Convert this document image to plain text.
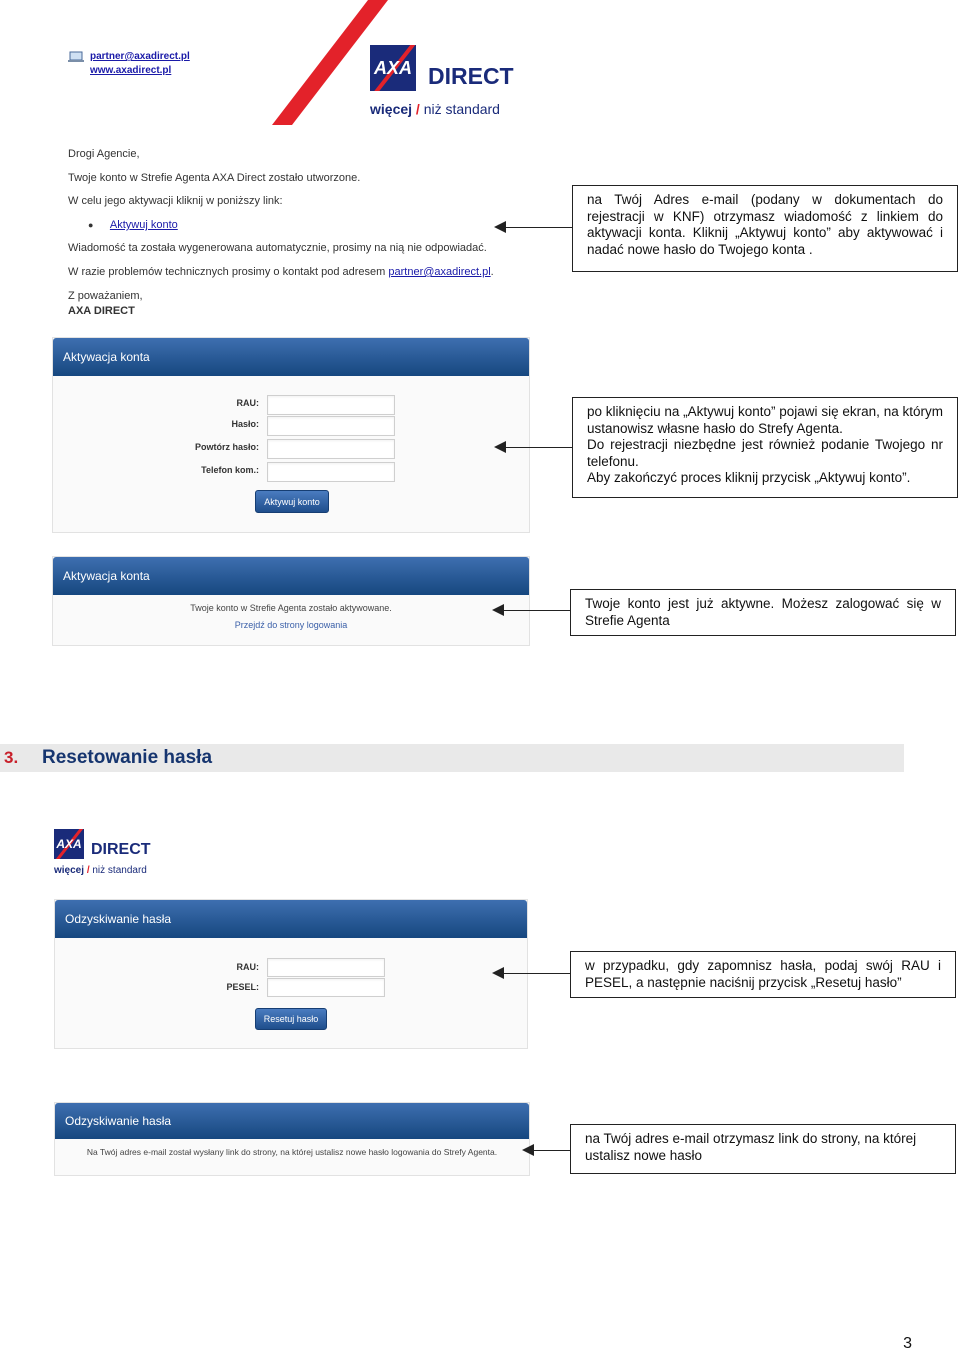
partner@axadirect.pl
www.axadirect.pl	AXA DIRECT
więcej / niż standard

Drogi Agencie,

Twoje konto w Strefie Agenta AXA Direct zostało utworzone.

W celu jego aktywacji kliknij w poniższy link:

● Aktywuj konto

Wiadomość ta została wygenerowana automatycznie, prosimy na nią nie odpowiadać.

W razie problemów technicznych prosimy o kontakt pod adresem partner@axadirect.pl.

Z poważaniem,

AXA DIRECT

Aktywacja konta
RAU:
Hasło:
Powtórz hasło:
Telefon kom.:
Aktywuj konto
Aktywacja konta
Twoje konto w Strefie Agenta zostało aktywowane.
Przejdź do strony logowania

na Twój Adres e-mail (podany w dokumentach do rejestracji w KNF) otrzymasz wiadomość z linkiem do aktywacji konta. Kliknij „Aktywuj konto” aby aktywować i nadać nowe hasło do Twojego konta .

po kliknięciu na „Aktywuj konto” pojawi się ekran, na którym ustanowisz własne hasło do Strefy Agenta.

Do rejestracji niezbędne jest również podanie Twojego nr telefonu.

Aby zakończyć proces kliknij przycisk „Aktywuj konto”.

Twoje konto jest już aktywne. Możesz zalogować się w Strefie Agenta

3.	Resetowanie hasła
AXA DIRECT
więcej / niż standard
Odzyskiwanie hasła
RAU:
PESEL:
Resetuj hasło
Odzyskiwanie hasła
Na Twój adres e-mail został wysłany link do strony, na której ustalisz nowe hasło logowania do Strefy Agenta.

w przypadku, gdy zapomnisz hasła, podaj swój RAU i PESEL, a następnie naciśnij przycisk „Resetuj hasło”

na Twój adres e-mail otrzymasz link do strony, na której ustalisz nowe hasło

3
